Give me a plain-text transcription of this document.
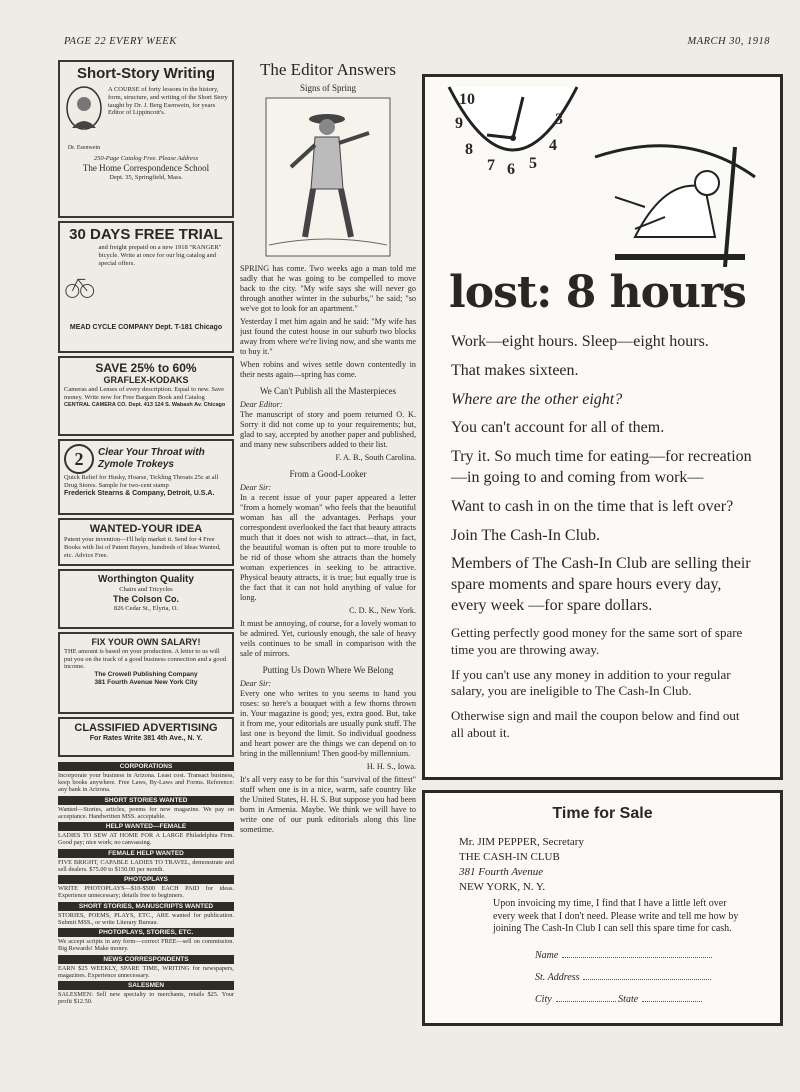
PAGE 22 EVERY WEEK	MARCH 30, 1918
Short-Story Writing
Dr. Esenwein
A COURSE of forty lessons in the history, form, structure, and writing of the Short Story taught by Dr. J. Berg Esenwein, for years Editor of Lippincott's.
250-Page Catalog Free. Please Address
The Home Correspondence School
Dept. 35, Springfield, Mass.
30 DAYS FREE TRIAL
and freight prepaid on a new 1918 "RANGER" bicycle. Write at once for our big catalog and special offers.
MEAD CYCLE COMPANY Dept. T-181 Chicago
SAVE 25% to 60%
GRAFLEX-KODAKS
Cameras and Lenses of every description. Equal to new. Save money. Write now for Free Bargain Book and Catalog
CENTRAL CAMERA CO. Dept. 413 124 S. Wabash Av. Chicago
2	Clear Your Throat with Zymole Trokeys
Quick Relief for Husky, Hoarse, Tickling Throats 25c at all Drug Stores. Sample for two-cent stamp
Frederick Stearns & Company, Detroit, U.S.A.
WANTED-YOUR IDEA
Patent your invention—I'll help market it. Send for 4 Free Books with list of Patent Buyers, hundreds of Ideas Wanted, etc. Advice Free.
Worthington Quality
Chairs and Tricycles
The Colson Co.
826 Cedar St., Elyria, O.
FIX YOUR OWN SALARY!
THE amount is based on your production. A letter to us will put you on the track of a good business connection and a good income.
The Crowell Publishing Company
381 Fourth Avenue New York City
CLASSIFIED ADVERTISING
For Rates Write 381 4th Ave., N. Y.
CORPORATIONS

Incorporate your business in Arizona. Least cost. Transact business, keep books anywhere. Free Laws, By-Laws and Forms. Reference: any bank in Arizona.

SHORT STORIES WANTED

Wanted—Stories, articles, poems for new magazine. We pay on acceptance. Handwritten MSS. acceptable.

HELP WANTED—FEMALE

LADIES TO SEW AT HOME FOR A LARGE Philadelphia Firm. Good pay; nice work; no canvassing.

FEMALE HELP WANTED

FIVE BRIGHT, CAPABLE LADIES TO TRAVEL, demonstrate and sell dealers. $75.00 to $150.00 per month.

PHOTOPLAYS

WRITE PHOTOPLAYS—$10-$500 EACH PAID for ideas. Experience unnecessary; details free to beginners.

SHORT STORIES, MANUSCRIPTS WANTED

STORIES, POEMS, PLAYS, ETC., ARE wanted for publication. Submit MSS., or write Literary Bureau.

PHOTOPLAYS, STORIES, ETC.

We accept scripts in any form—correct FREE—sell on commission. Big Rewards! Make money.

NEWS CORRESPONDENTS

EARN $25 WEEKLY, SPARE TIME, WRITING for newspapers, magazines. Experience unnecessary.

SALESMEN

SALESMEN: Sell new specialty to merchants, retails $25. Your profit $12.50.

The Editor Answers
Signs of Spring

SPRING has come. Two weeks ago a man told me sadly that he was going to be compelled to move back to the city. "My wife says she will never go through another winter in the suburbs," he said; "so we've got to look for an apartment."

Yesterday I met him again and he said: "My wife has just found the cutest house in our suburb two blocks away from where we're living now, and she wants me to buy it."

When robins and wives settle down contentedly in their nests again—spring has come.

We Can't Publish all the Masterpieces

Dear Editor:

The manuscript of story and poem returned O. K. Sorry it did not come up to your requirements; but, glad to say, accepted by another paper and published, and many new subscribers added to their list.

F. A. B., South Carolina.

From a Good-Looker

Dear Sir:

In a recent issue of your paper appeared a letter "from a homely woman" who feels that the beautiful woman has all the advantages. Perhaps your correspondent overlooked the fact that beauty attracts much that it does not wish to attract—that, in fact, the beautiful woman is often put to more trouble to be rid of those whom she attracts than the homely woman experiences in seeking to be attractive. Physical beauty attracts, it is true; but equally true is the fact that it can not hold anything of value for long.

C. D. K., New York.

It must be annoying, of course, for a lovely woman to be admired. Yet, curiously enough, the sale of heavy veils continues to be small in comparison with the sale of mirrors.

Putting Us Down Where We Belong

Dear Sir:

Every one who writes to you seems to hand you roses: so here's a bouquet with a few thorns thrown in. Your magazine is good; yes, extra good. But, take it from me, your editorials are usually punk stuff. The last one is beyond the limit. So individual goodness and heart power are the things we can depend on to bring in the millennium! Then good-by millennium.

H. H. S., Iowa.

It's all very easy to be for this "survival of the fittest" stuff when one is in a nice, warm, safe country like the United States, H. H. S. But suppose you had been born in Armenia. Maybe. We think we will have to write one of our punk editorials along this line sometime.

10
9
8
7 6 5
4
3
lost: 8 hours

Work—eight hours. Sleep—eight hours.

That makes sixteen.

Where are the other eight?

You can't account for all of them.

Try it. So much time for eating—for recreation—in going to and coming from work—

Want to cash in on the time that is left over?

Join The Cash-In Club.

Members of The Cash-In Club are selling their spare moments and spare hours every day, every week —for spare dollars.

Getting perfectly good money for the same sort of spare time you are throwing away.

If you can't use any money in addition to your regular salary, you are ineligible to The Cash-In Club.

Otherwise sign and mail the coupon below and find out all about it.

Time for Sale
Mr. JIM PEPPER, Secretary
THE CASH-IN CLUB
381 Fourth Avenue
NEW YORK, N. Y.
Upon invoicing my time, I find that I have a little left over every week that I don't need. Please write and tell me how by joining The Cash-In Club I can sell this spare time for cash.
Name
St. Address
City	State
